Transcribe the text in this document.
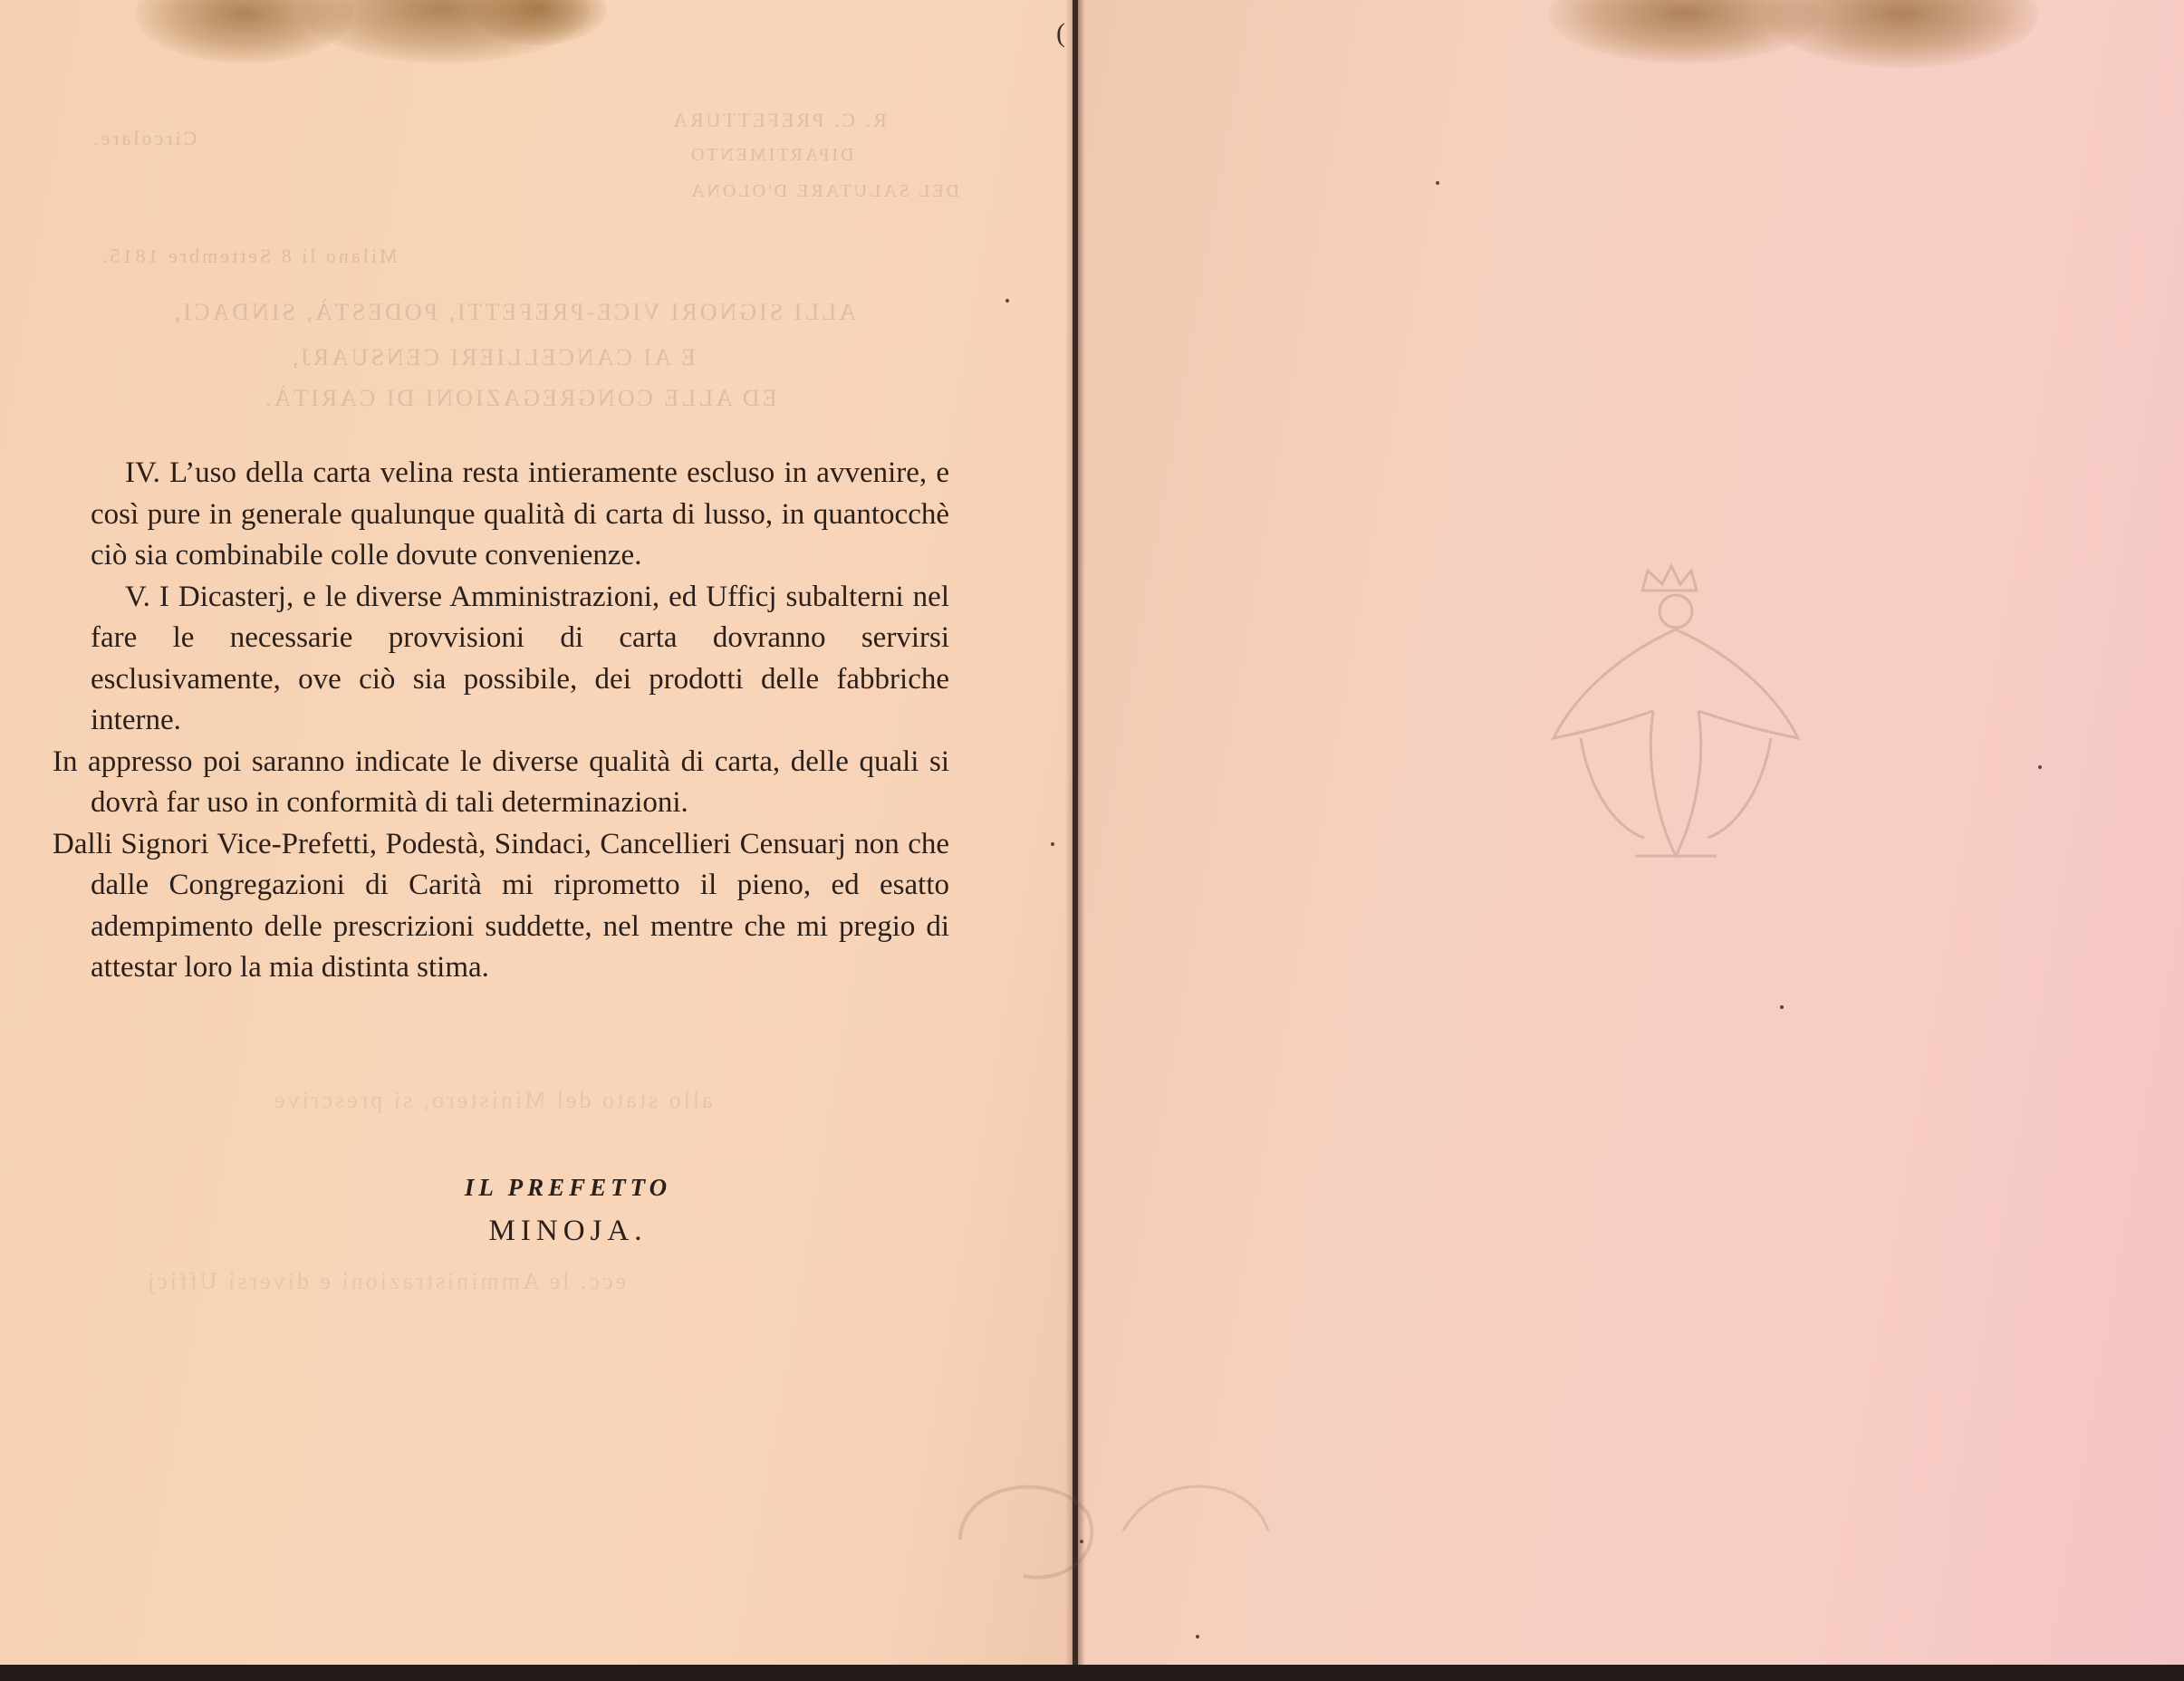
​R. C. PREFETTURA
​DIPARTIMENTO
​DEL SALUTARE D'OLONA
​Circolare.
​Milano li 8 Settembre 1815.
​ALLI SIGNORI VICE-PREFETTI, PODESTÀ, SINDACI,
​E AI CANCELLIERI CENSUARJ,
​ED ALLE CONGREGAZIONI DI CARITÀ.

IV. L’uso della carta velina resta intieramente escluso in avvenire, e così pure in generale qualunque qualità di carta di lusso, in quantocchè ciò sia combinabile colle dovute convenienze.

V. I Dicasterj, e le diverse Amministrazioni, ed Ufficj subalterni nel fare le necessarie provvisioni di carta dovranno servirsi esclusivamente, ove ciò sia possibile, dei prodotti delle fabbriche interne.

In appresso poi saranno indicate le diverse qualità di carta, delle quali si dovrà far uso in conformità di tali determinazioni.

Dalli Signori Vice-Prefetti, Podestà, Sindaci, Cancellieri Censuarj non che dalle Congregazioni di Carità mi riprometto il pieno, ed esatto adempimento delle prescrizioni suddette, nel mentre che mi pregio di attestar loro la mia distinta stima.

​allo stato del Ministero, si prescrive
​ecc. le Amministrazioni e diversi Ufficj
IL PREFETTO
MINOJA.
(
